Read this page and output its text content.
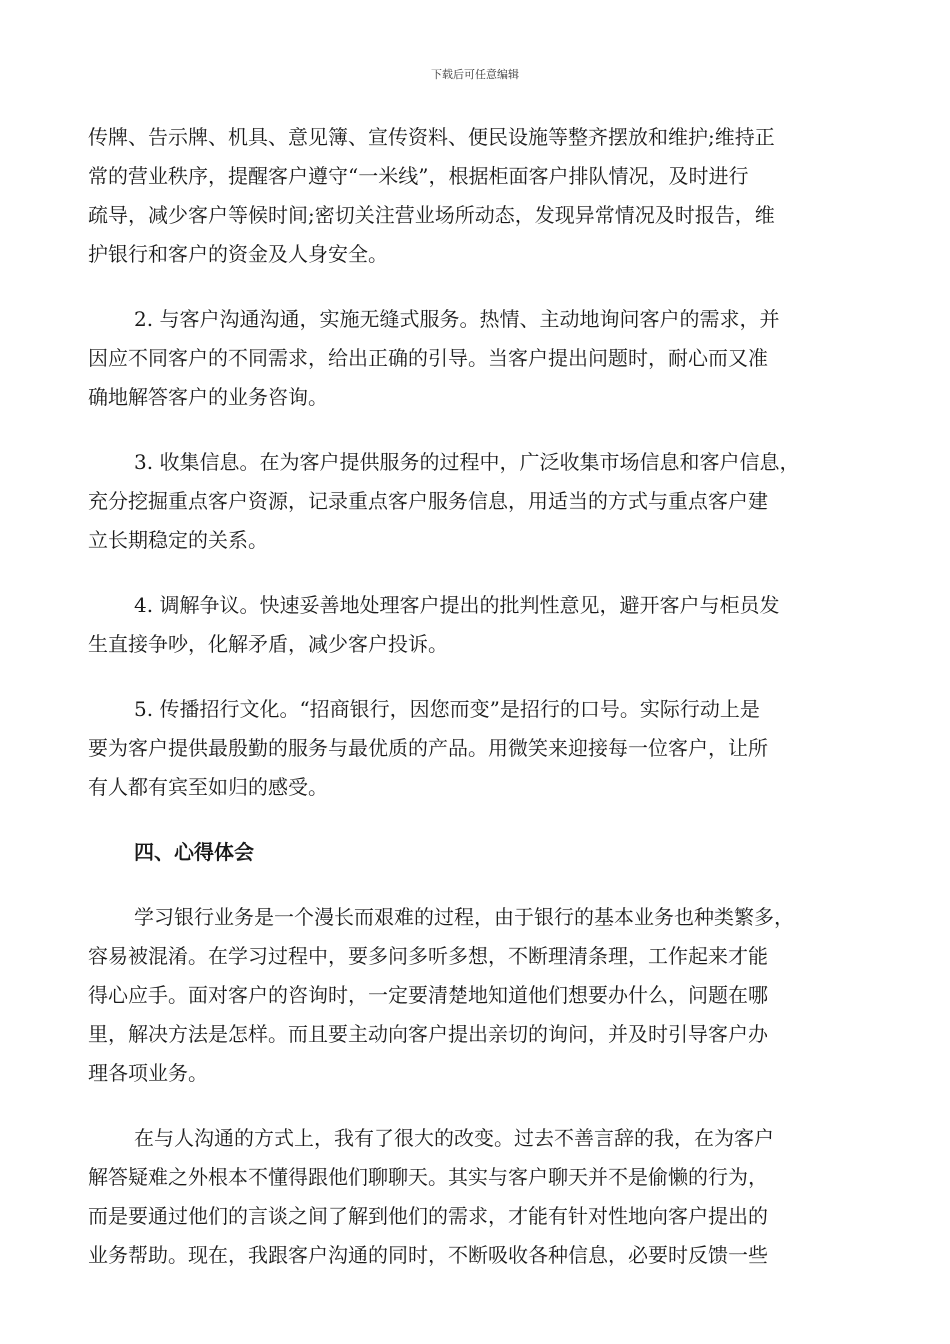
下载后可任意编辑
传牌、告示牌、机具、意见簿、宣传资料、便民设施等整齐摆放和维护;维持正
常的营业秩序，提醒客户遵守“一米线”，根据柜面客户排队情况，及时进行
疏导，减少客户等候时间;密切关注营业场所动态，发现异常情况及时报告，维
护银行和客户的资金及人身安全。
2. 与客户沟通沟通，实施无缝式服务。热情、主动地询问客户的需求，并
因应不同客户的不同需求，给出正确的引导。当客户提出问题时，耐心而又准
确地解答客户的业务咨询。
3. 收集信息。在为客户提供服务的过程中，广泛收集市场信息和客户信息，
充分挖掘重点客户资源，记录重点客户服务信息，用适当的方式与重点客户建
立长期稳定的关系。
4. 调解争议。快速妥善地处理客户提出的批判性意见，避开客户与柜员发
生直接争吵，化解矛盾，减少客户投诉。
5. 传播招行文化。“招商银行，因您而变”是招行的口号。实际行动上是
要为客户提供最殷勤的服务与最优质的产品。用微笑来迎接每一位客户，让所
有人都有宾至如归的感受。
四、心得体会
学习银行业务是一个漫长而艰难的过程，由于银行的基本业务也种类繁多，
容易被混淆。在学习过程中，要多问多听多想，不断理清条理，工作起来才能
得心应手。面对客户的咨询时，一定要清楚地知道他们想要办什么，问题在哪
里，解决方法是怎样。而且要主动向客户提出亲切的询问，并及时引导客户办
理各项业务。
在与人沟通的方式上，我有了很大的改变。过去不善言辞的我，在为客户
解答疑难之外根本不懂得跟他们聊聊天。其实与客户聊天并不是偷懒的行为，
而是要通过他们的言谈之间了解到他们的需求，才能有针对性地向客户提出的
业务帮助。现在，我跟客户沟通的同时，不断吸收各种信息，必要时反馈一些
